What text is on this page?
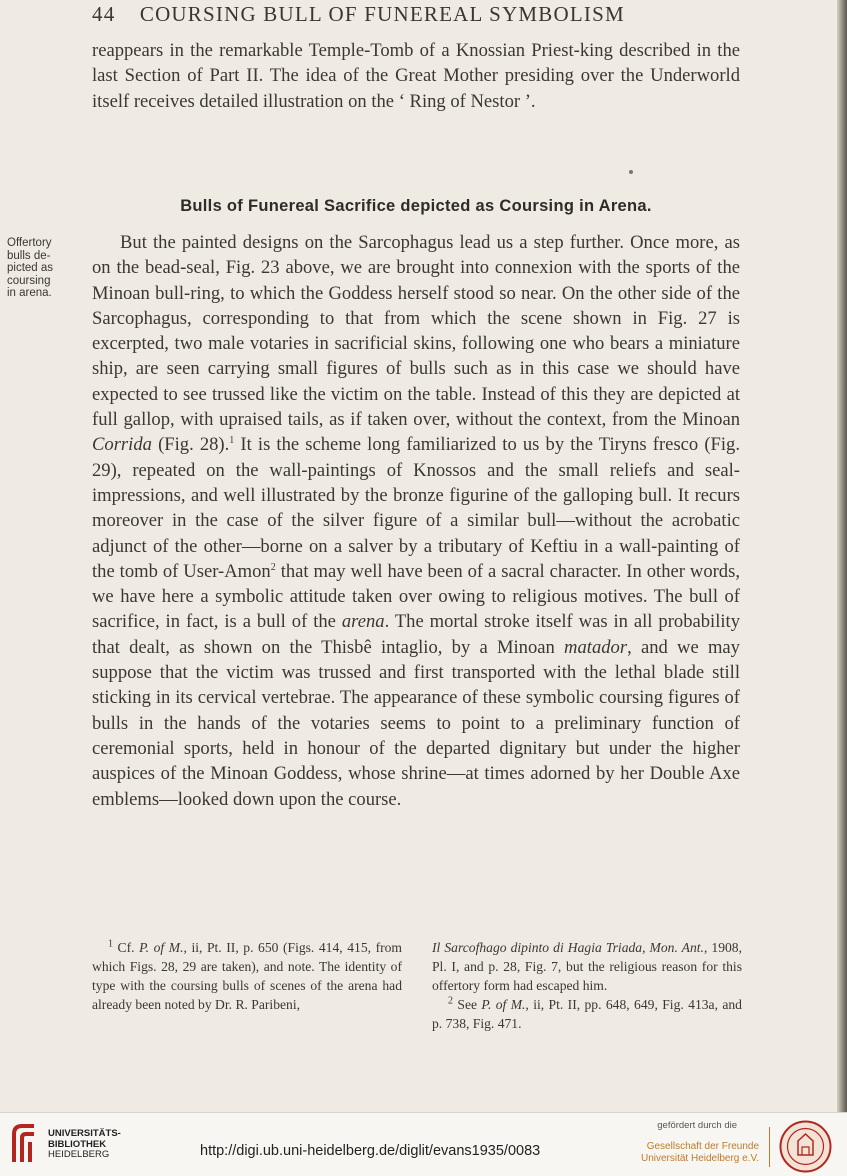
44 COURSING BULL OF FUNEREAL SYMBOLISM

reappears in the remarkable Temple-Tomb of a Knossian Priest-king described in the last Section of Part II. The idea of the Great Mother presiding over the Underworld itself receives detailed illustration on the ‘ Ring of Nestor ’.

Bulls of Funereal Sacrifice depicted as Coursing in Arena.
Offertory
bulls de-
picted as
coursing
in arena.

But the painted designs on the Sarcophagus lead us a step further. Once more, as on the bead-seal, Fig. 23 above, we are brought into connexion with the sports of the Minoan bull-ring, to which the Goddess herself stood so near. On the other side of the Sarcophagus, corresponding to that from which the scene shown in Fig. 27 is excerpted, two male votaries in sacrificial skins, following one who bears a miniature ship, are seen carrying small figures of bulls such as in this case we should have expected to see trussed like the victim on the table. Instead of this they are depicted at full gallop, with upraised tails, as if taken over, without the context, from the Minoan Corrida (Fig. 28).$^1$ It is the scheme long familiarized to us by the Tiryns fresco (Fig. 29), repeated on the wall-paintings of Knossos and the small reliefs and seal-impressions, and well illustrated by the bronze figurine of the galloping bull. It recurs moreover in the case of the silver figure of a similar bull—without the acrobatic adjunct of the other—borne on a salver by a tributary of Keftiu in a wall-painting of the tomb of User-Amon$^2$ that may well have been of a sacral character. In other words, we have here a symbolic attitude taken over owing to religious motives. The bull of sacrifice, in fact, is a bull of the arena. The mortal stroke itself was in all probability that dealt, as shown on the Thisbê intaglio, by a Minoan matador, and we may suppose that the victim was trussed and first transported with the lethal blade still sticking in its cervical vertebrae. The appearance of these symbolic coursing figures of bulls in the hands of the votaries seems to point to a preliminary function of ceremonial sports, held in honour of the departed dignitary but under the higher auspices of the Minoan Goddess, whose shrine—at times adorned by her Double Axe emblems—looked down upon the course.

$^1$ Cf. P. of M., ii, Pt. II, p. 650 (Figs. 414, 415, from which Figs. 28, 29 are taken), and note. The identity of type with the coursing bulls of scenes of the arena had already been noted by Dr. R. Paribeni,

Il Sarcofhago dipinto di Hagia Triada, Mon. Ant., 1908, Pl. I, and p. 28, Fig. 7, but the religious reason for this offertory form had escaped him.

$^2$ See P. of M., ii, Pt. II, pp. 648, 649, Fig. 413a, and p. 738, Fig. 471.

UNIVERSITÄTS-
BIBLIOTHEK
HEIDELBERG	http://digi.ub.uni-heidelberg.de/diglit/evans1935/0083
gefördert durch die
Gesellschaft der Freunde
Universität Heidelberg e.V.
